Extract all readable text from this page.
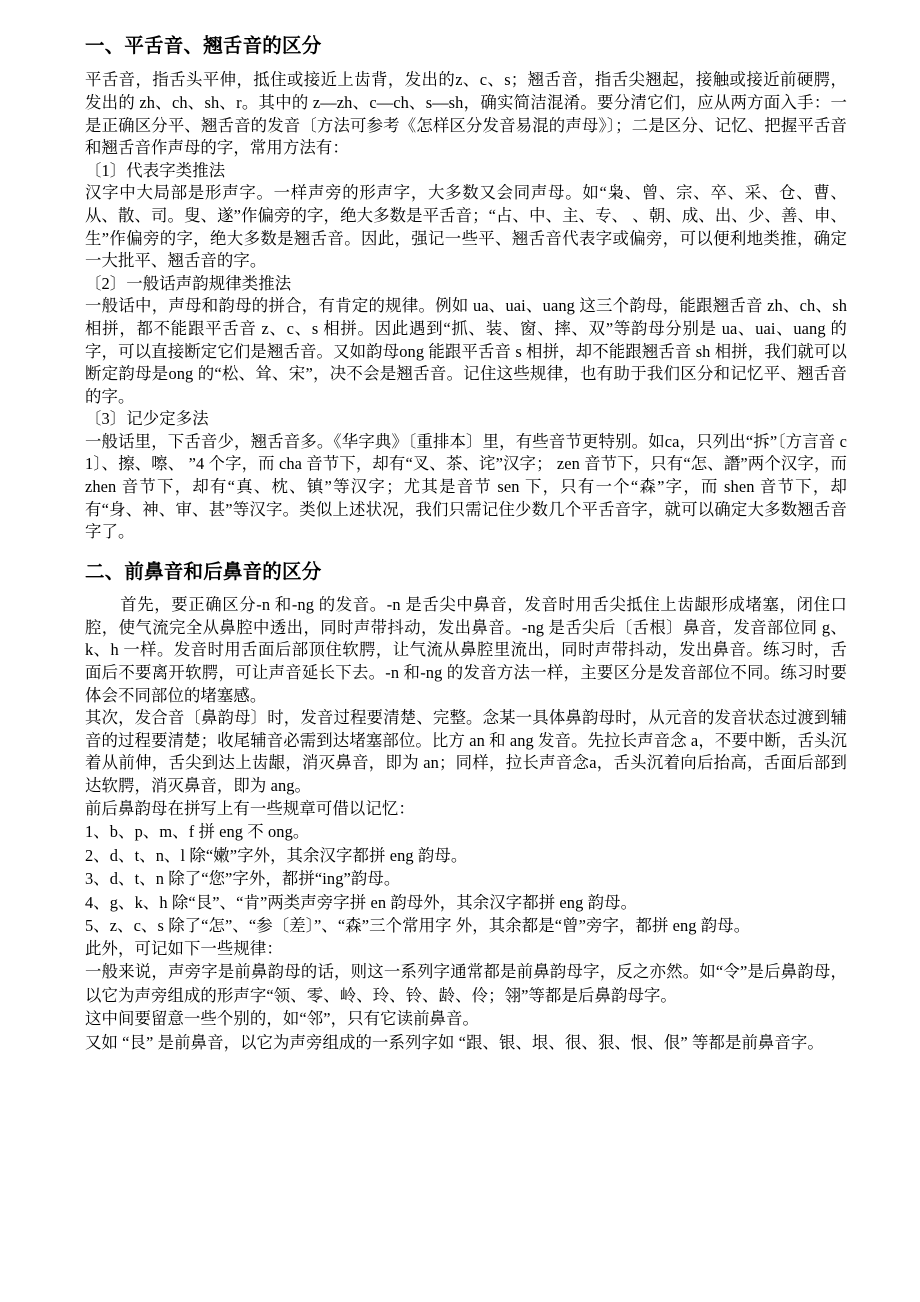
一、平舌音、翘舌音的区分

平舌音，指舌头平伸，抵住或接近上齿背，发出的z、c、s；翘舌音，指舌尖翘起，接触或接近前硬腭，发出的 zh、ch、sh、r。其中的 z—zh、c—ch、s—sh，确实简洁混淆。要分清它们，应从两方面入手：一是正确区分平、翘舌音的发音〔方法可参考《怎样区分发音易混的声母》〕；二是区分、记忆、把握平舌音和翘舌音作声母的字，常用方法有：

〔1〕代表字类推法

汉字中大局部是形声字。一样声旁的形声字，大多数又会同声母。如“枭、曾、宗、卒、采、仓、曹、从、散、司。叟、遂”作偏旁的字，绝大多数是平舌音；“占、中、主、专、 、朝、成、出、少、善、申、生”作偏旁的字，绝大多数是翘舌音。因此，强记一些平、翘舌音代表字或偏旁，可以便利地类推，确定一大批平、翘舌音的字。

〔2〕一般话声韵规律类推法

一般话中，声母和韵母的拼合，有肯定的规律。例如 ua、uai、uang 这三个韵母，能跟翘舌音 zh、ch、sh 相拼，都不能跟平舌音 z、c、s 相拼。因此遇到“抓、装、窗、摔、双”等韵母分别是 ua、uai、uang 的字，可以直接断定它们是翘舌音。又如韵母ong 能跟平舌音 s 相拼，却不能跟翘舌音 sh 相拼，我们就可以断定韵母是ong 的“松、耸、宋”，决不会是翘舌音。记住这些规律，也有助于我们区分和记忆平、翘舌音的字。

〔3〕记少定多法

一般话里，下舌音少，翘舌音多。《华字典》〔重排本〕里，有些音节更特别。如ca，只列出“拆”〔方言音 c1〕、擦、嚓、 ”4 个字，而 cha 音节下，却有“叉、茶、诧”汉字； zen 音节下，只有“怎、譖”两个汉字，而 zhen 音节下，却有“真、枕、镇”等汉字；尤其是音节 sen 下，只有一个“森”字，而 shen 音节下，却有“身、神、审、甚”等汉字。类似上述状况，我们只需记住少数几个平舌音字，就可以确定大多数翘舌音字了。

二、前鼻音和后鼻音的区分

首先，要正确区分-n 和-ng 的发音。-n 是舌尖中鼻音，发音时用舌尖抵住上齿龈形成堵塞，闭住口腔，使气流完全从鼻腔中透出，同时声带抖动，发出鼻音。-ng 是舌尖后〔舌根〕鼻音，发音部位同 g、k、h 一样。发音时用舌面后部顶住软腭，让气流从鼻腔里流出，同时声带抖动，发出鼻音。练习时，舌面后不要离开软腭，可让声音延长下去。-n 和-ng 的发音方法一样，主要区分是发音部位不同。练习时要体会不同部位的堵塞感。

其次，发合音〔鼻韵母〕时，发音过程要清楚、完整。念某一具体鼻韵母时，从元音的发音状态过渡到辅音的过程要清楚；收尾辅音必需到达堵塞部位。比方 an 和 ang 发音。先拉长声音念 a，不要中断，舌头沉着从前伸，舌尖到达上齿龈，消灭鼻音，即为 an；同样，拉长声音念a，舌头沉着向后抬高，舌面后部到达软腭，消灭鼻音，即为 ang。

前后鼻韵母在拼写上有一些规章可借以记忆：

1、b、p、m、f 拼 eng 不 ong。

2、d、t、n、l 除“嫩”字外，其余汉字都拼 eng 韵母。

3、d、t、n 除了“您”字外，都拼“ing”韵母。

4、g、k、h 除“艮”、“肯”两类声旁字拼 en 韵母外，其余汉字都拼 eng 韵母。

5、z、c、s 除了“怎”、“参〔差〕”、“森”三个常用字 外，其余都是“曾”旁字，都拼 eng 韵母。

此外，可记如下一些规律：

一般来说，声旁字是前鼻韵母的话，则这一系列字通常都是前鼻韵母字，反之亦然。如“令”是后鼻韵母，以它为声旁组成的形声字“领、零、岭、玲、铃、龄、伶；翎”等都是后鼻韵母字。

这中间要留意一些个别的，如“邻”，只有它读前鼻音。

又如 “艮” 是前鼻音，以它为声旁组成的一系列字如 “跟、银、垠、很、狠、恨、佷” 等都是前鼻音字。
